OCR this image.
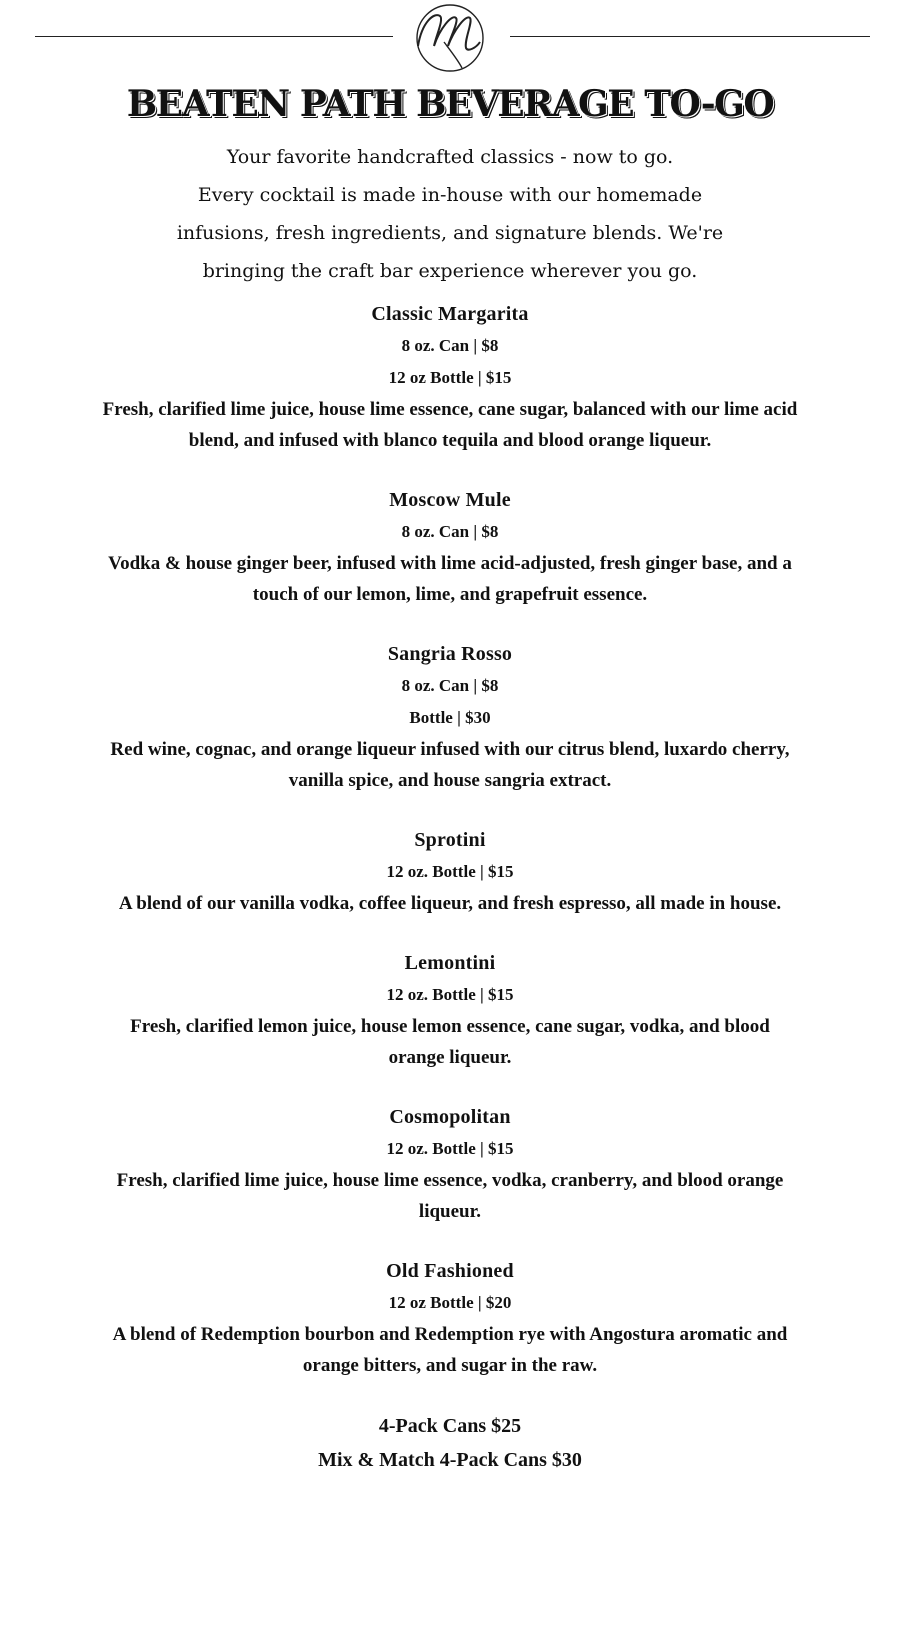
BEATEN PATH BEVERAGE TO-GO
Your favorite handcrafted classics - now to go.
Every cocktail is made in-house with our homemade
infusions, fresh ingredients, and signature blends. We're
bringing the craft bar experience wherever you go.
Classic Margarita
8 oz. Can | $8
12 oz Bottle | $15
Fresh, clarified lime juice, house lime essence, cane sugar, balanced with our lime acid blend, and infused with blanco tequila and blood orange liqueur.
Moscow Mule
8 oz. Can | $8
Vodka & house ginger beer, infused with lime acid-adjusted, fresh ginger base, and a touch of our lemon, lime, and grapefruit essence.
Sangria Rosso
8 oz. Can | $8
Bottle | $30
Red wine, cognac, and orange liqueur infused with our citrus blend, luxardo cherry, vanilla spice, and house sangria extract.
Sprotini
12 oz. Bottle | $15
A blend of our vanilla vodka, coffee liqueur, and fresh espresso, all made in house.
Lemontini
12 oz. Bottle | $15
Fresh, clarified lemon juice, house lemon essence, cane sugar, vodka, and blood orange liqueur.
Cosmopolitan
12 oz. Bottle | $15
Fresh, clarified lime juice, house lime essence, vodka, cranberry, and blood orange liqueur.
Old Fashioned
12 oz Bottle | $20
A blend of Redemption bourbon and Redemption rye with Angostura aromatic and orange bitters, and sugar in the raw.
4-Pack Cans $25
Mix & Match 4-Pack Cans $30
